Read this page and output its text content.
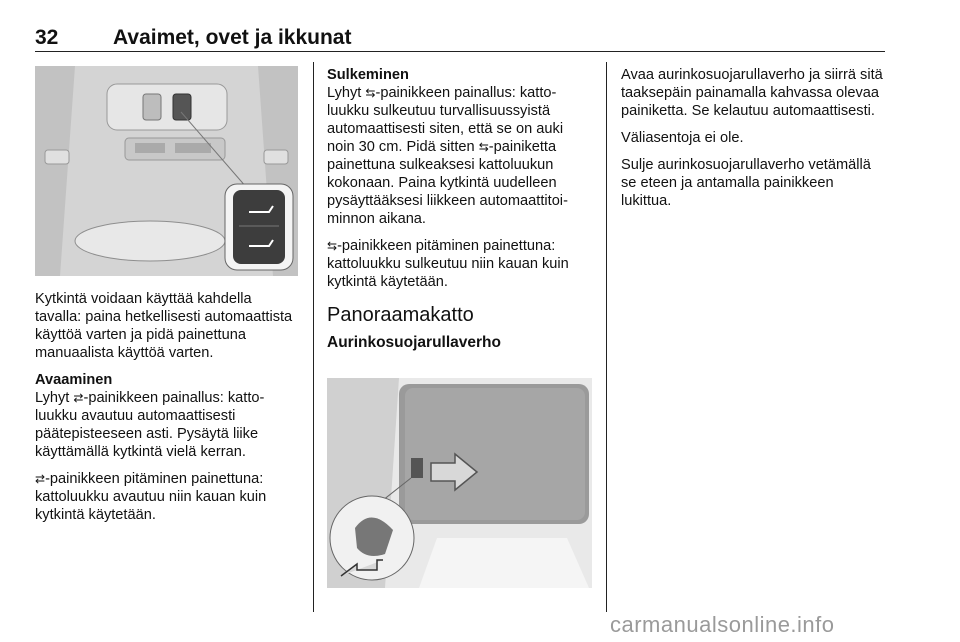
32	Avaimet, ovet ja ikkunat

Kytkintä voidaan käyttää kahdella tavalla: paina hetkellisesti automaattista käyttöä varten ja pidä painettuna manuaalista käyttöä varten.

Avaaminen

Lyhyt ⇄-painikkeen painallus: kattoluukku avautuu automaattisesti päätepisteeseen asti. Pysäytä liike käyttämällä kytkintä vielä kerran.

⇄-painikkeen pitäminen painettuna: kattoluukku avautuu niin kauan kuin kytkintä käytetään.

Sulkeminen

Lyhyt ⇆-painikkeen painallus: kattoluukku sulkeutuu turvallisuussyistä automaattisesti siten, että se on auki noin 30 cm. Pidä sitten ⇆-painiketta painettuna sulkeaksesi kattoluukun kokonaan. Paina kytkintä uudelleen pysäyttääksesi liikkeen automaattitoiminnon aikana.

⇆-painikkeen pitäminen painettuna: kattoluukku sulkeutuu niin kauan kuin kytkintä käytetään.

Panoraamakatto
Aurinkosuojarullaverho

Avaa aurinkosuojarullaverho ja siirrä sitä taaksepäin painamalla kahvassa olevaa painiketta. Se kelautuu automaattisesti.

Väliasentoja ei ole.

Sulje aurinkosuojarullaverho vetämällä se eteen ja antamalla painikkeen lukittua.

carmanualsonline.info
